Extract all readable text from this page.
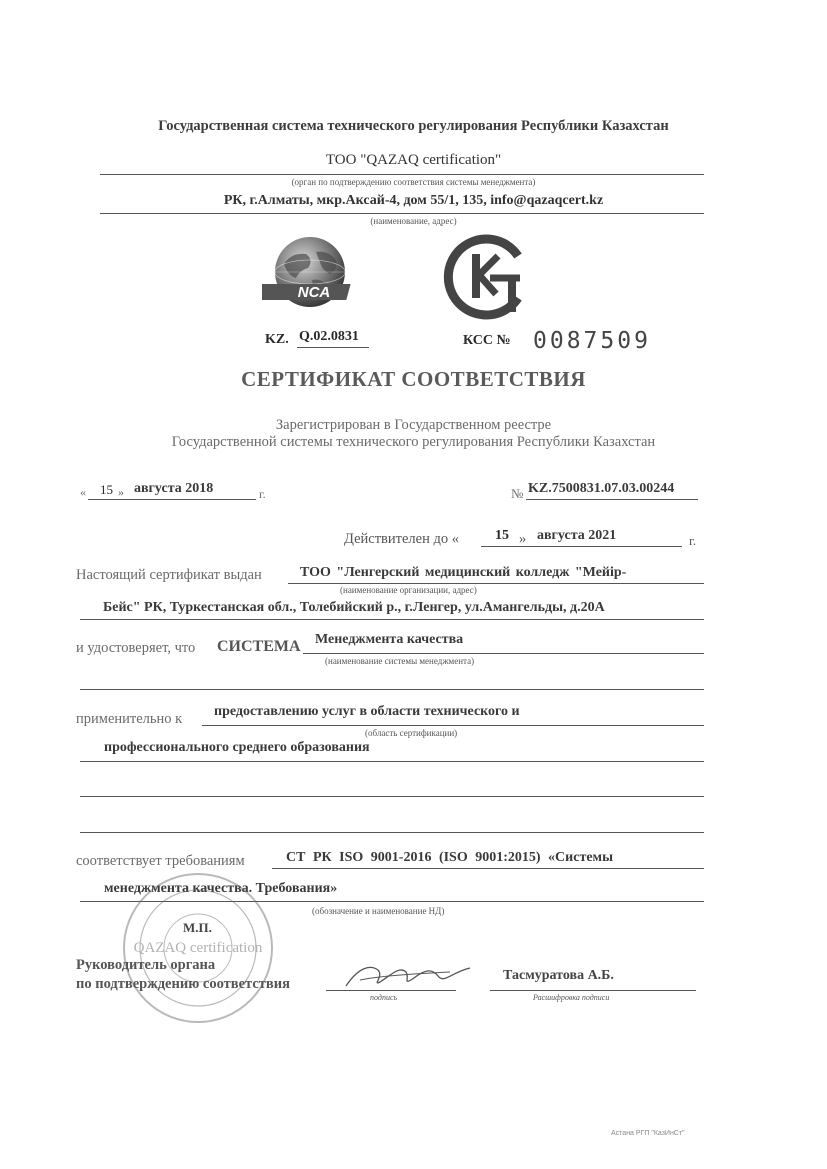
Государственная система технического регулирования Республики Казахстан
ТОО "QAZAQ certification"
(орган по подтверждению соответствия системы менеджмента)
РК, г.Алматы, мкр.Аксай-4, дом 55/1, 135, info@qazaqcert.kz
(наименование, адрес)
NCA
KZ. Q.02.0831	КСС № 0087509
СЕРТИФИКАТ СООТВЕТСТВИЯ
Зарегистрирован в Государственном реестре
Государственной системы технического регулирования Республики Казахстан
« 15 » августа 2018	г.	№ KZ.7500831.07.03.00244
Действителен до «	15 » августа 2021	г.
Настоящий сертификат выдан	ТОО "Ленгерский медицинский колледж "Мейір-
(наименование организации, адрес)
Бейс" РК, Туркестанская обл., Толебийский р., г.Ленгер, ул.Амангельды, д.20А
и удостоверяет, что СИСТЕМА Менеджмента качества
(наименование системы менеджмента)
применительно к предоставлению услуг в области технического и
(область сертификации)
профессионального среднего образования
соответствует требованиям	СТ РК ISO 9001-2016 (ISO 9001:2015) «Системы
менеджмента качества. Требования»
(обозначение и наименование НД)
QAZAQ certification
М.П.
Руководитель органа
по подтверждению соответствия
подпись
Тасмуратова А.Б.
Расшифровка подписи
Астана РГП "КазИнСт"
